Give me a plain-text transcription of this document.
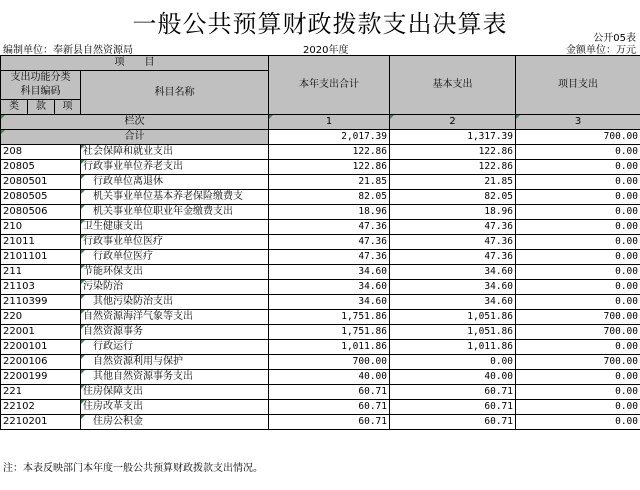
一般公共预算财政拨款支出决算表
公开05表
编制单位：奉新县自然资源局	2020年度	金额单位：万元
项　　目				本年支出合计	基本支出	项目支出
支出功能分类
科目编码			科目名称			

类	款	项				
栏次				1	2	3
合计				2,017.39	1,317.39	700.00
208			社会保障和就业支出	122.86	122.86	0.00
20805			行政事业单位养老支出	122.86	122.86	0.00
2080501			行政单位离退休	21.85	21.85	0.00
2080505			机关事业单位基本养老保险缴费支	82.05	82.05	0.00
2080506			机关事业单位职业年金缴费支出	18.96	18.96	0.00
210			卫生健康支出	47.36	47.36	0.00
21011			行政事业单位医疗	47.36	47.36	0.00
2101101			行政单位医疗	47.36	47.36	0.00
211			节能环保支出	34.60	34.60	0.00
21103			污染防治	34.60	34.60	0.00
2110399			其他污染防治支出	34.60	34.60	0.00
220			自然资源海洋气象等支出	1,751.86	1,051.86	700.00
22001			自然资源事务	1,751.86	1,051.86	700.00
2200101			行政运行	1,011.86	1,011.86	0.00
2200106			自然资源利用与保护	700.00	0.00	700.00
2200199			其他自然资源事务支出	40.00	40.00	0.00
221			住房保障支出	60.71	60.71	0.00
22102			住房改革支出	60.71	60.71	0.00
2210201			住房公积金	60.71	60.71	0.00
注：本表反映部门本年度一般公共预算财政拨款支出情况。
